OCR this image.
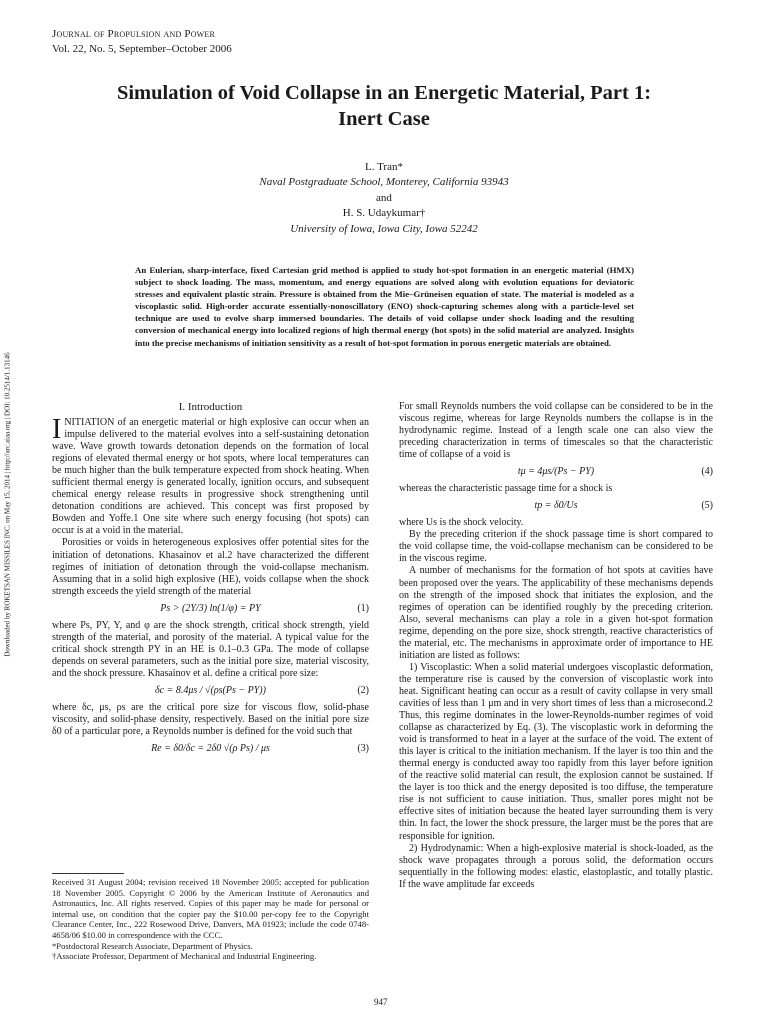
Journal of Propulsion and Power
Vol. 22, No. 5, September–October 2006
Simulation of Void Collapse in an Energetic Material, Part 1:
Inert Case
L. Tran*
Naval Postgraduate School, Monterey, California 93943
and
H. S. Udaykumar†
University of Iowa, Iowa City, Iowa 52242
An Eulerian, sharp-interface, fixed Cartesian grid method is applied to study hot-spot formation in an energetic material (HMX) subject to shock loading. The mass, momentum, and energy equations are solved along with evolution equations for deviatoric stresses and equivalent plastic strain. Pressure is obtained from the Mie–Grüneisen equation of state. The material is modeled as a viscoplastic solid. High-order accurate essentially-nonoscillatory (ENO) shock-capturing schemes along with a particle-level set technique are used to evolve sharp immersed boundaries. The details of void collapse under shock loading and the resulting conversion of mechanical energy into localized regions of high thermal energy (hot spots) in the solid material are analyzed. Insights into the precise mechanisms of initiation sensitivity as a result of hot-spot formation in porous energetic materials are obtained.
Downloaded by ROKETSAN MISSILES INC. on May 15, 2014 | http://arc.aiaa.org | DOI: 10.2514/1.13146	I. Introduction

INITIATION of an energetic material or high explosive can occur when an impulse delivered to the material evolves into a self-sustaining detonation wave. Wave growth towards detonation depends on the formation of local regions of elevated thermal energy or hot spots, where local temperatures can be much higher than the bulk temperature expected from shock heating. When sufficient thermal energy is generated locally, ignition occurs, and subsequent chemical energy release results in progressive shock strengthening until detonation conditions are achieved. This concept was first proposed by Bowden and Yoffe.1 One site where such energy focusing (hot spots) can occur is at a void in the material.

Porosities or voids in heterogeneous explosives offer potential sites for the initiation of detonations. Khasainov et al.2 have characterized the different regimes of initiation of detonation through the void-collapse mechanism. Assuming that in a solid high explosive (HE), voids collapse when the shock strength exceeds the yield strength of the material

Ps > (2Y/3) ln(1/φ) = PY	(1)

where Ps, PY, Y, and φ are the shock strength, critical shock strength, yield strength of the material, and porosity of the material. A typical value for the critical shock strength PY in an HE is 0.1–0.3 GPa. The mode of collapse depends on several parameters, such as the initial pore size, material viscosity, and the shock pressure. Khasainov et al. define a critical pore size:

δc = 8.4μs / √(ρs(Ps − PY))	(2)

where δc, μs, ρs are the critical pore size for viscous flow, solid-phase viscosity, and solid-phase density, respectively. Based on the initial pore size δ0 of a particular pore, a Reynolds number is defined for the void such that

Re = δ0/δc = 2δ0 √(ρ Ps) / μs	(3)

Received 31 August 2004; revision received 18 November 2005; accepted for publication 18 November 2005. Copyright © 2006 by the American Institute of Aeronautics and Astronautics, Inc. All rights reserved. Copies of this paper may be made for personal or internal use, on condition that the copier pay the $10.00 per-copy fee to the Copyright Clearance Center, Inc., 222 Rosewood Drive, Danvers, MA 01923; include the code 0748-4658/06 $10.00 in correspondence with the CCC.

*Postdoctoral Research Associate, Department of Physics.

†Associate Professor, Department of Mechanical and Industrial Engineering.

For small Reynolds numbers the void collapse can be considered to be in the viscous regime, whereas for large Reynolds numbers the collapse is in the hydrodynamic regime. Instead of a length scale one can also view the preceding characterization in terms of timescales so that the characteristic time of collapse of a void is

tμ = 4μs/(Ps − PY)	(4)

whereas the characteristic passage time for a shock is

tp = δ0/Us	(5)

where Us is the shock velocity.

By the preceding criterion if the shock passage time is short compared to the void collapse time, the void-collapse mechanism can be considered to be in the viscous regime.

A number of mechanisms for the formation of hot spots at cavities have been proposed over the years. The applicability of these mechanisms depends on the strength of the imposed shock that initiates the explosion, and the regimes of operation can be identified roughly by the preceding criterion. Also, several mechanisms can play a role in a given hot-spot formation regime, depending on the pore size, shock strength, reactive characteristics of the material, etc. The mechanisms in approximate order of importance to HE initiation are listed as follows:

1) Viscoplastic: When a solid material undergoes viscoplastic deformation, the temperature rise is caused by the conversion of viscoplastic work into heat. Significant heating can occur as a result of cavity collapse in very small cavities of less than 1 μm and in very short times of less than a microsecond.2 Thus, this regime dominates in the lower-Reynolds-number regimes of void collapse as characterized by Eq. (3). The viscoplastic work in deforming the void is transformed to heat in a layer at the surface of the void. The extent of this layer is critical to the initiation mechanism. If the layer is too thin and the thermal energy is conducted away too rapidly from this layer before ignition of the reactive solid material can result, the explosion cannot be sustained. If the layer is too thick and the energy deposited is too diffuse, the temperature rise is not sufficient to cause initiation. Thus, smaller pores might not be effective sites of initiation because the heated layer surrounding them is very thin. In fact, the lower the shock pressure, the larger must be the pores that are responsible for ignition.

2) Hydrodynamic: When a high-explosive material is shock-loaded, as the shock wave propagates through a porous solid, the deformation occurs sequentially in the following modes: elastic, elastoplastic, and totally plastic. If the wave amplitude far exceeds

947
